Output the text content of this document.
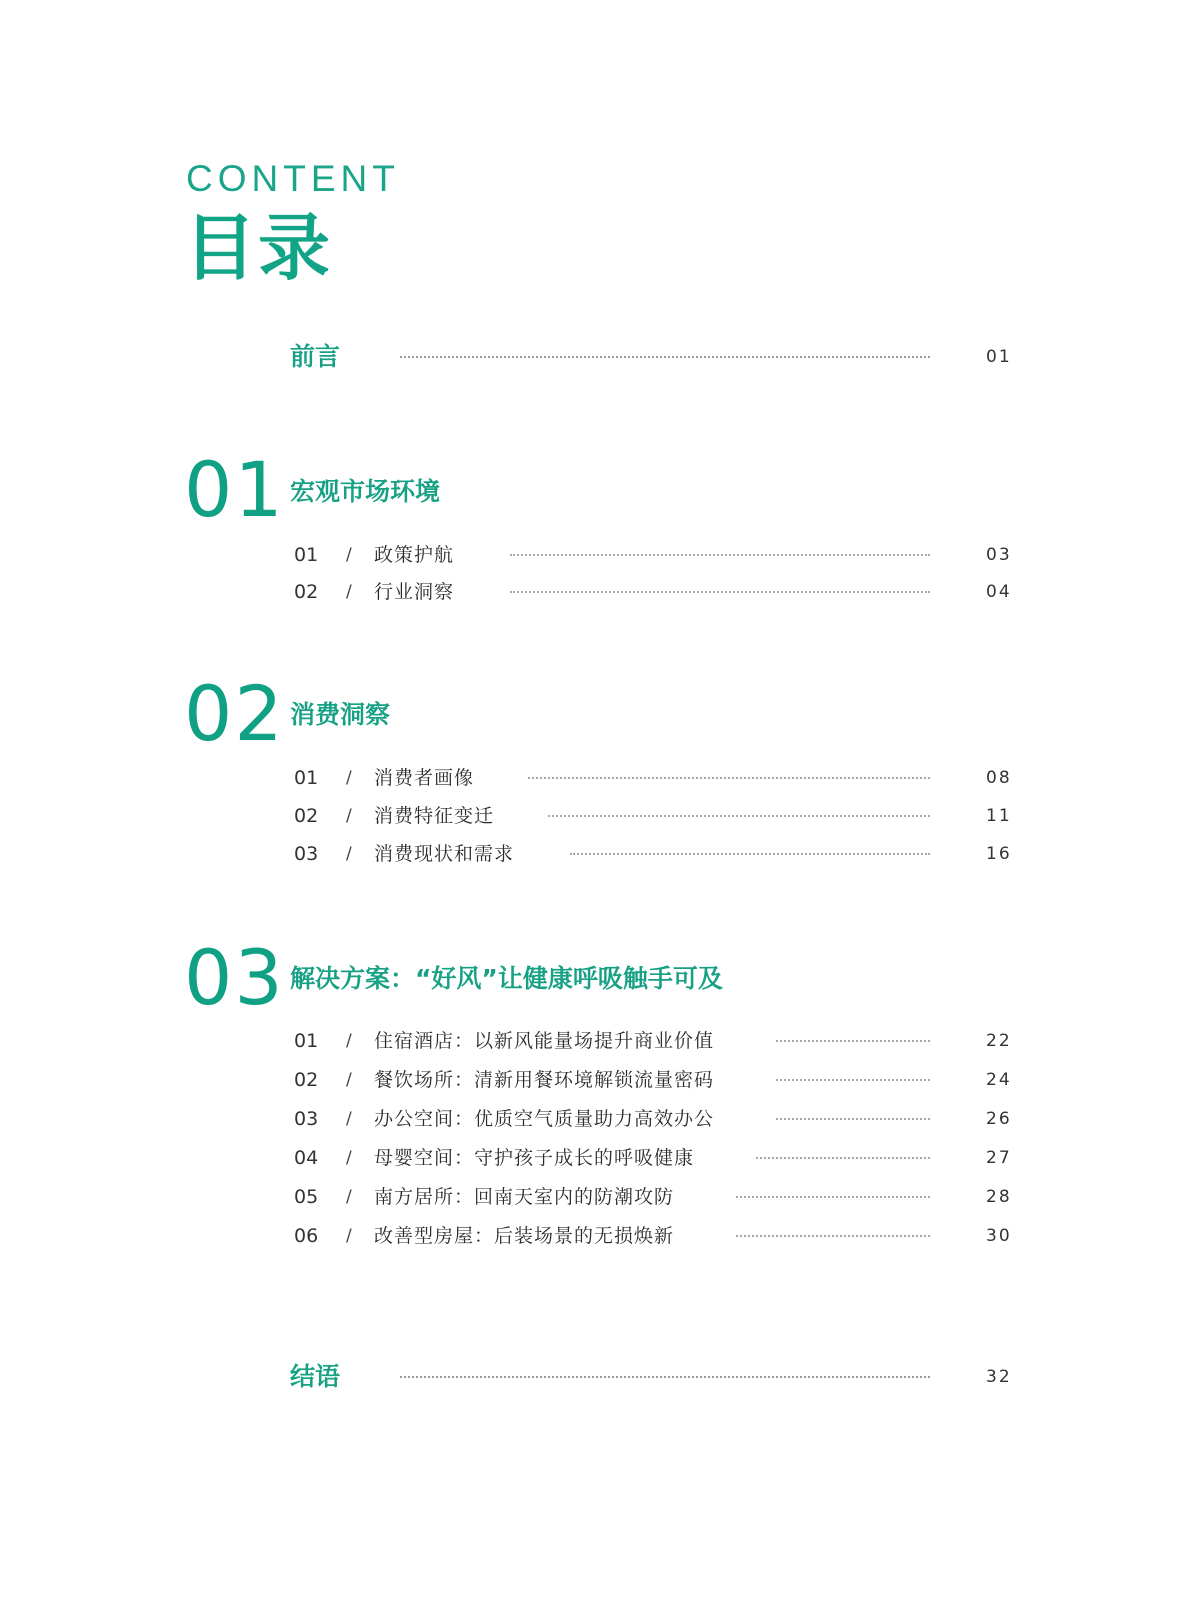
CONTENT
目录
前言	01
01 宏观市场环境
01 / 政策护航	03
02 / 行业洞察	04
02 消费洞察
01 / 消费者画像	08
02 / 消费特征变迁	11
03 / 消费现状和需求	16
03 解决方案：“好风”让健康呼吸触手可及
01 / 住宿酒店：以新风能量场提升商业价值	22
02 / 餐饮场所：清新用餐环境解锁流量密码	24
03 / 办公空间：优质空气质量助力高效办公	26
04 / 母婴空间：守护孩子成长的呼吸健康	27
05 / 南方居所：回南天室内的防潮攻防	28
06 / 改善型房屋：后装场景的无损焕新	30
结语	32
